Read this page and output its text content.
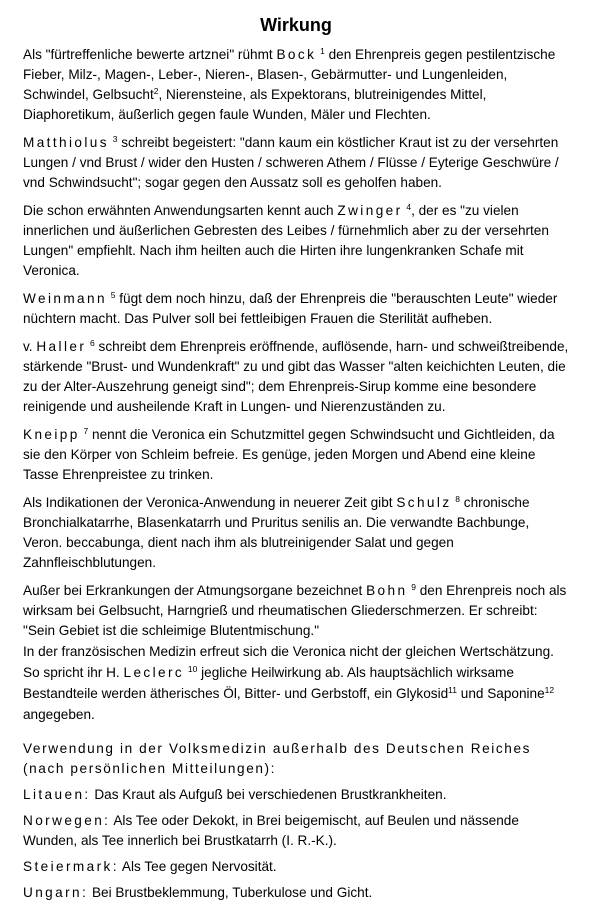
Wirkung

Als "fürtreffenliche bewerte artznei" rühmt Bock $^1$ den Ehrenpreis gegen pestilentzische Fieber, Milz-, Magen-, Leber-, Nieren-, Blasen-, Gebärmutter- und Lungenleiden, Schwindel, Gelbsucht$^2$, Nierensteine, als Expektorans, blutreinigendes Mittel, Diaphoretikum, äußerlich gegen faule Wunden, Mäler und Flechten.

Matthiolus $^3$ schreibt begeistert: "dann kaum ein köstlicher Kraut ist zu der versehrten Lungen / vnd Brust / wider den Husten / schweren Athem / Flüsse / Eyterige Geschwüre / vnd Schwindsucht"; sogar gegen den Aussatz soll es geholfen haben.

Die schon erwähnten Anwendungsarten kennt auch Zwinger $^4$, der es "zu vielen innerlichen und äußerlichen Gebresten des Leibes / fürnehmlich aber zu der versehrten Lungen" empfiehlt. Nach ihm heilten auch die Hirten ihre lungenkranken Schafe mit Veronica.

Weinmann $^5$ fügt dem noch hinzu, daß der Ehrenpreis die "berauschten Leute" wieder nüchtern macht. Das Pulver soll bei fettleibigen Frauen die Sterilität aufheben.

v. Haller $^6$ schreibt dem Ehrenpreis eröffnende, auflösende, harn- und schweißtreibende, stärkende "Brust- und Wundenkraft" zu und gibt das Wasser "alten keichichten Leuten, die zu der Alter-Auszehrung geneigt sind"; dem Ehrenpreis-Sirup komme eine besondere reinigende und ausheilende Kraft in Lungen- und Nierenzuständen zu.

Kneipp $^7$ nennt die Veronica ein Schutzmittel gegen Schwindsucht und Gichtleiden, da sie den Körper von Schleim befreie. Es genüge, jeden Morgen und Abend eine kleine Tasse Ehrenpreistee zu trinken.

Als Indikationen der Veronica-Anwendung in neuerer Zeit gibt Schulz $^8$ chronische Bronchialkatarrhe, Blasenkatarrh und Pruritus senilis an. Die verwandte Bachbunge, Veron. beccabunga, dient nach ihm als blutreinigender Salat und gegen Zahnfleischblutungen.

Außer bei Erkrankungen der Atmungsorgane bezeichnet Bohn $^9$ den Ehrenpreis noch als wirksam bei Gelbsucht, Harngrieß und rheumatischen Gliederschmerzen. Er schreibt: "Sein Gebiet ist die schleimige Blutentmischung."

In der französischen Medizin erfreut sich die Veronica nicht der gleichen Wertschätzung. So spricht ihr H. Leclerc $^{10}$ jegliche Heilwirkung ab. Als hauptsächlich wirksame Bestandteile werden ätherisches Öl, Bitter- und Gerbstoff, ein Glykosid$^{11}$ und Saponine$^{12}$ angegeben.

Verwendung in der Volksmedizin außerhalb des Deutschen Reiches (nach persönlichen Mitteilungen):

Litauen: Das Kraut als Aufguß bei verschiedenen Brustkrankheiten.

Norwegen: Als Tee oder Dekokt, in Brei beigemischt, auf Beulen und nässende Wunden, als Tee innerlich bei Brustkatarrh (I. R.-K.).

Steiermark: Als Tee gegen Nervosität.

Ungarn: Bei Brustbeklemmung, Tuberkulose und Gicht.
